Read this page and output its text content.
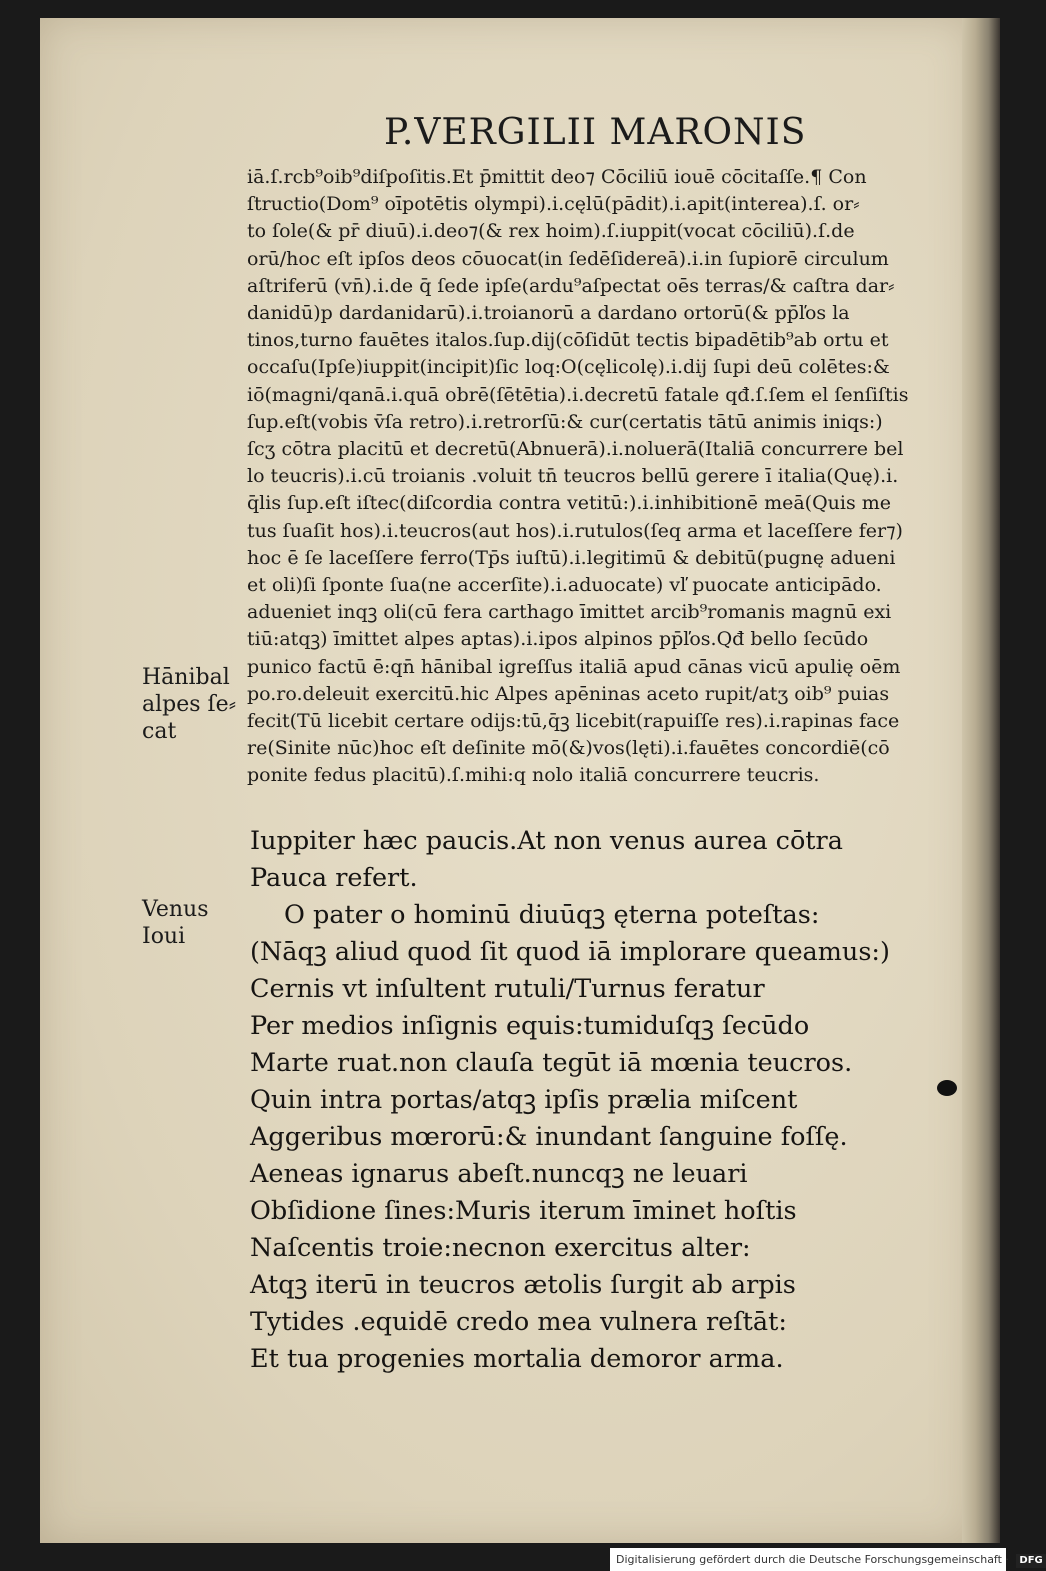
P.VERGILII MARONIS
iā.ſ.rcb⁹oib⁹diſpoſitis.Et p̄mittit deo⁊ Cōciliū iouē cōcitaſſe.¶ Con
ſtructio(Dom⁹ oīpotētis olympi).i.cęlū(pādit).i.apit(interea).ſ. or⸗
to ſole(& pr̄ diuū).i.deo⁊(& rex hoim).ſ.iuppit(vocat cōciliū).ſ.de
orū/hoc eſt ipſos deos cōuocat(in ſedēſidereā).i.in ſupiorē circulum
aſtriferū (vn̄).i.de q̄ ſede ipſe(ardu⁹aſpectat oēs terras/& caſtra dar⸗
danidū)p dardanidarū).i.troianorū a dardano ortorū(& pp̄ľos la
tinos,turno fauētes italos.ſup.dij(cōſidūt tectis bipadētib⁹ab ortu et
occaſu(Ipſe)iuppit(incipit)ſic loq:O(cęlicolę).i.dij ſupi deū colētes:&
iō(magni/qanā.i.quā obrē(ſētētia).i.decretū fatale qđ.ſ.ſem el ſenſiſtis
ſup.eſt(vobis v̄ſa retro).i.retrorſū:& cur(certatis tātū animis iniqs:)
ſcʒ cōtra placitū et decretū(Abnuerā).i.noluerā(Italiā concurrere bel
lo teucris).i.cū troianis .voluit tn̄ teucros bellū gerere ī italia(Quę).i.
q̄lis ſup.eſt iſtec(diſcordia contra vetitū:).i.inhibitionē meā(Quis me
tus ſuaſit hos).i.teucros(aut hos).i.rutulos(ſeq arma et laceſſere fer⁊)
hoc ē ſe laceſſere ferro(Tp̄s iuſtū).i.legitimū & debitū(pugnę adueni
et oli)ſi ſponte ſua(ne accerſite).i.aduocate) vľ puocate anticipādo.
adueniet inqꝫ oli(cū fera carthago īmittet arcib⁹romanis magnū exi
tiū:atqꝫ) īmittet alpes aptas).i.ipos alpinos pp̄ľos.Qđ bello ſecūdo
punico factū ē:qn̄ hānibal igreſſus italiā apud cānas vicū apulię oēm
po.ro.deleuit exercitū.hic Alpes apēninas aceto rupit/atʒ oib⁹ puias
fecit(Tū licebit certare odijs:tū,q̄ꝫ licebit(rapuiſſe res).i.rapinas face
re(Sinite nūc)hoc eſt deſinite mō(&)vos(lęti).i.fauētes concordiē(cō
ponite fedus placitū).ſ.mihi:q nolo italiā concurrere teucris.
Iuppiter hæc paucis.At non venus aurea cōtra
Pauca refert.
O pater o hominū diuūqꝫ ęterna poteſtas:
(Nāqꝫ aliud quod ſit quod iā implorare queamus:)
Cernis vt inſultent rutuli/Turnus feratur
Per medios inſignis equis:tumiduſqꝫ ſecūdo
Marte ruat.non clauſa tegūt iā mœnia teucros.
Quin intra portas/atqꝫ ipſis prælia miſcent
Aggeribus mœrorū:& inundant ſanguine foſſę.
Aeneas ignarus abeſt.nuncqꝫ ne leuari
Obſidione ſines:Muris iterum īminet hoſtis
Naſcentis troie:necnon exercitus alter:
Atqꝫ iterū in teucros ætolis ſurgit ab arpis
Tytides .equidē credo mea vulnera reſtāt:
Et tua progenies mortalia demoror arma.
Hānibal
alpes ſe⸗
cat
Venus
Ioui
Digitalisierung gefördert durch die Deutsche Forschungsgemeinschaft · DFG
